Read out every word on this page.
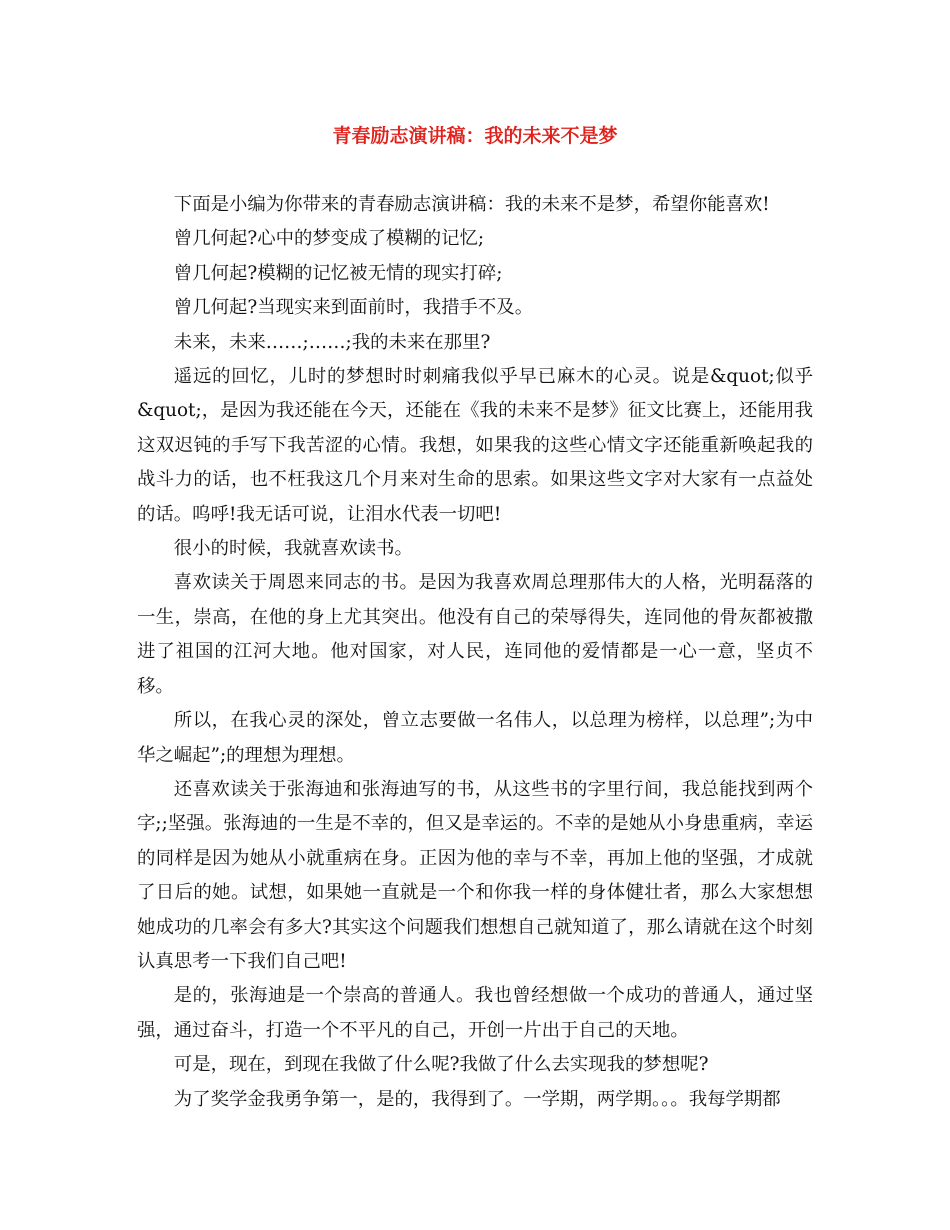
青春励志演讲稿：我的未来不是梦

下面是小编为你带来的青春励志演讲稿：我的未来不是梦，希望你能喜欢!

曾几何起?心中的梦变成了模糊的记忆;

曾几何起?模糊的记忆被无情的现实打碎;

曾几何起?当现实来到面前时，我措手不及。

未来，未来……;……;我的未来在那里?

遥远的回忆，儿时的梦想时时刺痛我似乎早已麻木的心灵。说是&quot;似乎&quot;，是因为我还能在今天，还能在《我的未来不是梦》征文比赛上，还能用我这双迟钝的手写下我苦涩的心情。我想，如果我的这些心情文字还能重新唤起我的战斗力的话，也不枉我这几个月来对生命的思索。如果这些文字对大家有一点益处的话。呜呼!我无话可说，让泪水代表一切吧!

很小的时候，我就喜欢读书。

喜欢读关于周恩来同志的书。是因为我喜欢周总理那伟大的人格，光明磊落的一生，崇高，在他的身上尤其突出。他没有自己的荣辱得失，连同他的骨灰都被撒进了祖国的江河大地。他对国家，对人民，连同他的爱情都是一心一意，坚贞不移。

所以，在我心灵的深处，曾立志要做一名伟人，以总理为榜样，以总理”;为中华之崛起”;的理想为理想。

还喜欢读关于张海迪和张海迪写的书，从这些书的字里行间，我总能找到两个字;;坚强。张海迪的一生是不幸的，但又是幸运的。不幸的是她从小身患重病，幸运的同样是因为她从小就重病在身。正因为他的幸与不幸，再加上他的坚强，才成就了日后的她。试想，如果她一直就是一个和你我一样的身体健壮者，那么大家想想她成功的几率会有多大?其实这个问题我们想想自己就知道了，那么请就在这个时刻认真思考一下我们自己吧!

是的，张海迪是一个崇高的普通人。我也曾经想做一个成功的普通人，通过坚强，通过奋斗，打造一个不平凡的自己，开创一片出于自己的天地。

可是，现在，到现在我做了什么呢?我做了什么去实现我的梦想呢?

为了奖学金我勇争第一，是的，我得到了。一学期，两学期。。。我每学期都
